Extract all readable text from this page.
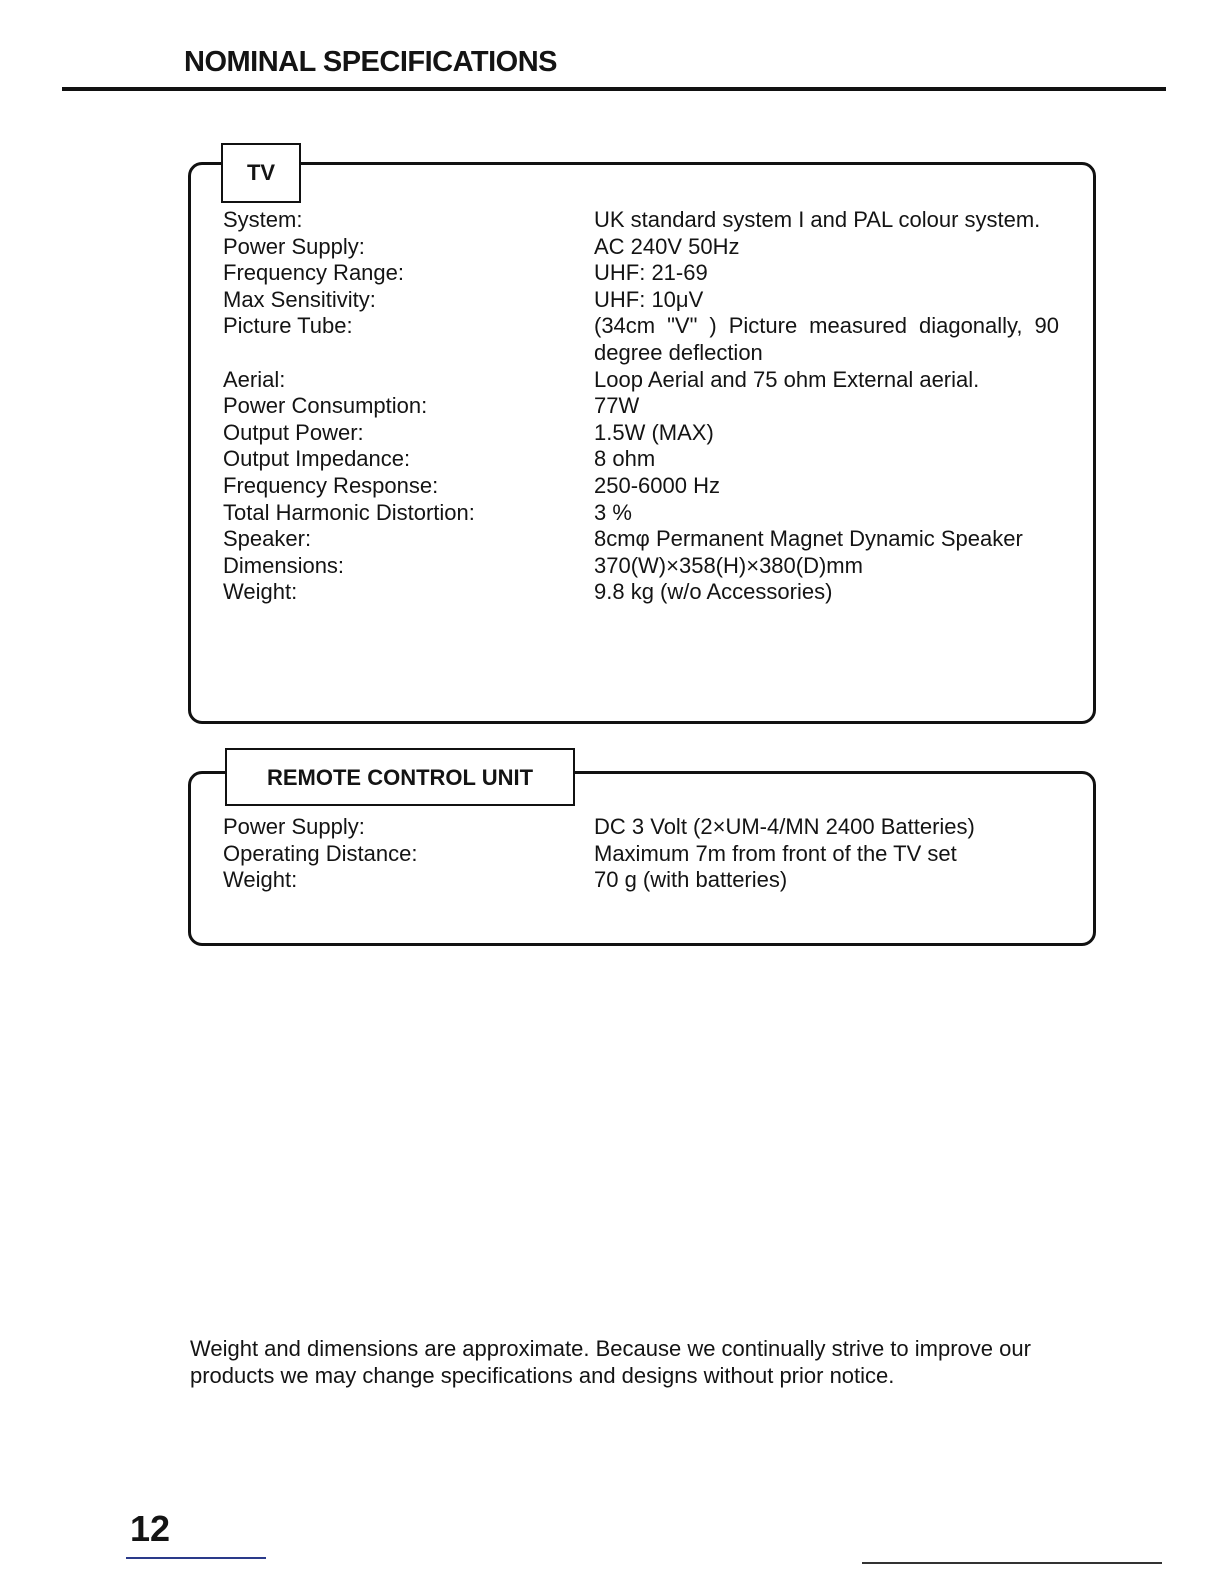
NOMINAL SPECIFICATIONS
TV
System:	UK standard system I and PAL colour system.
Power Supply:	AC 240V 50Hz
Frequency Range:	UHF: 21-69
Max Sensitivity:	UHF: 10μV
Picture Tube:	(34cm "V" ) Picture measured diagonally, 90 degree deflection
Aerial:	Loop Aerial and 75 ohm External aerial.
Power Consumption:	77W
Output Power:	1.5W (MAX)
Output Impedance:	8 ohm
Frequency Response:	250-6000 Hz
Total Harmonic Distortion:	3 %
Speaker:	8cmφ Permanent Magnet Dynamic Speaker
Dimensions:	370(W)×358(H)×380(D)mm
Weight:	9.8 kg (w/o Accessories)
REMOTE CONTROL UNIT
Power Supply:	DC 3 Volt (2×UM-4/MN 2400 Batteries)
Operating Distance:	Maximum 7m from front of the TV set
Weight:	70 g (with batteries)

Weight and dimensions are approximate. Because we continually strive to improve our products we may change specifications and designs without prior notice.

12
